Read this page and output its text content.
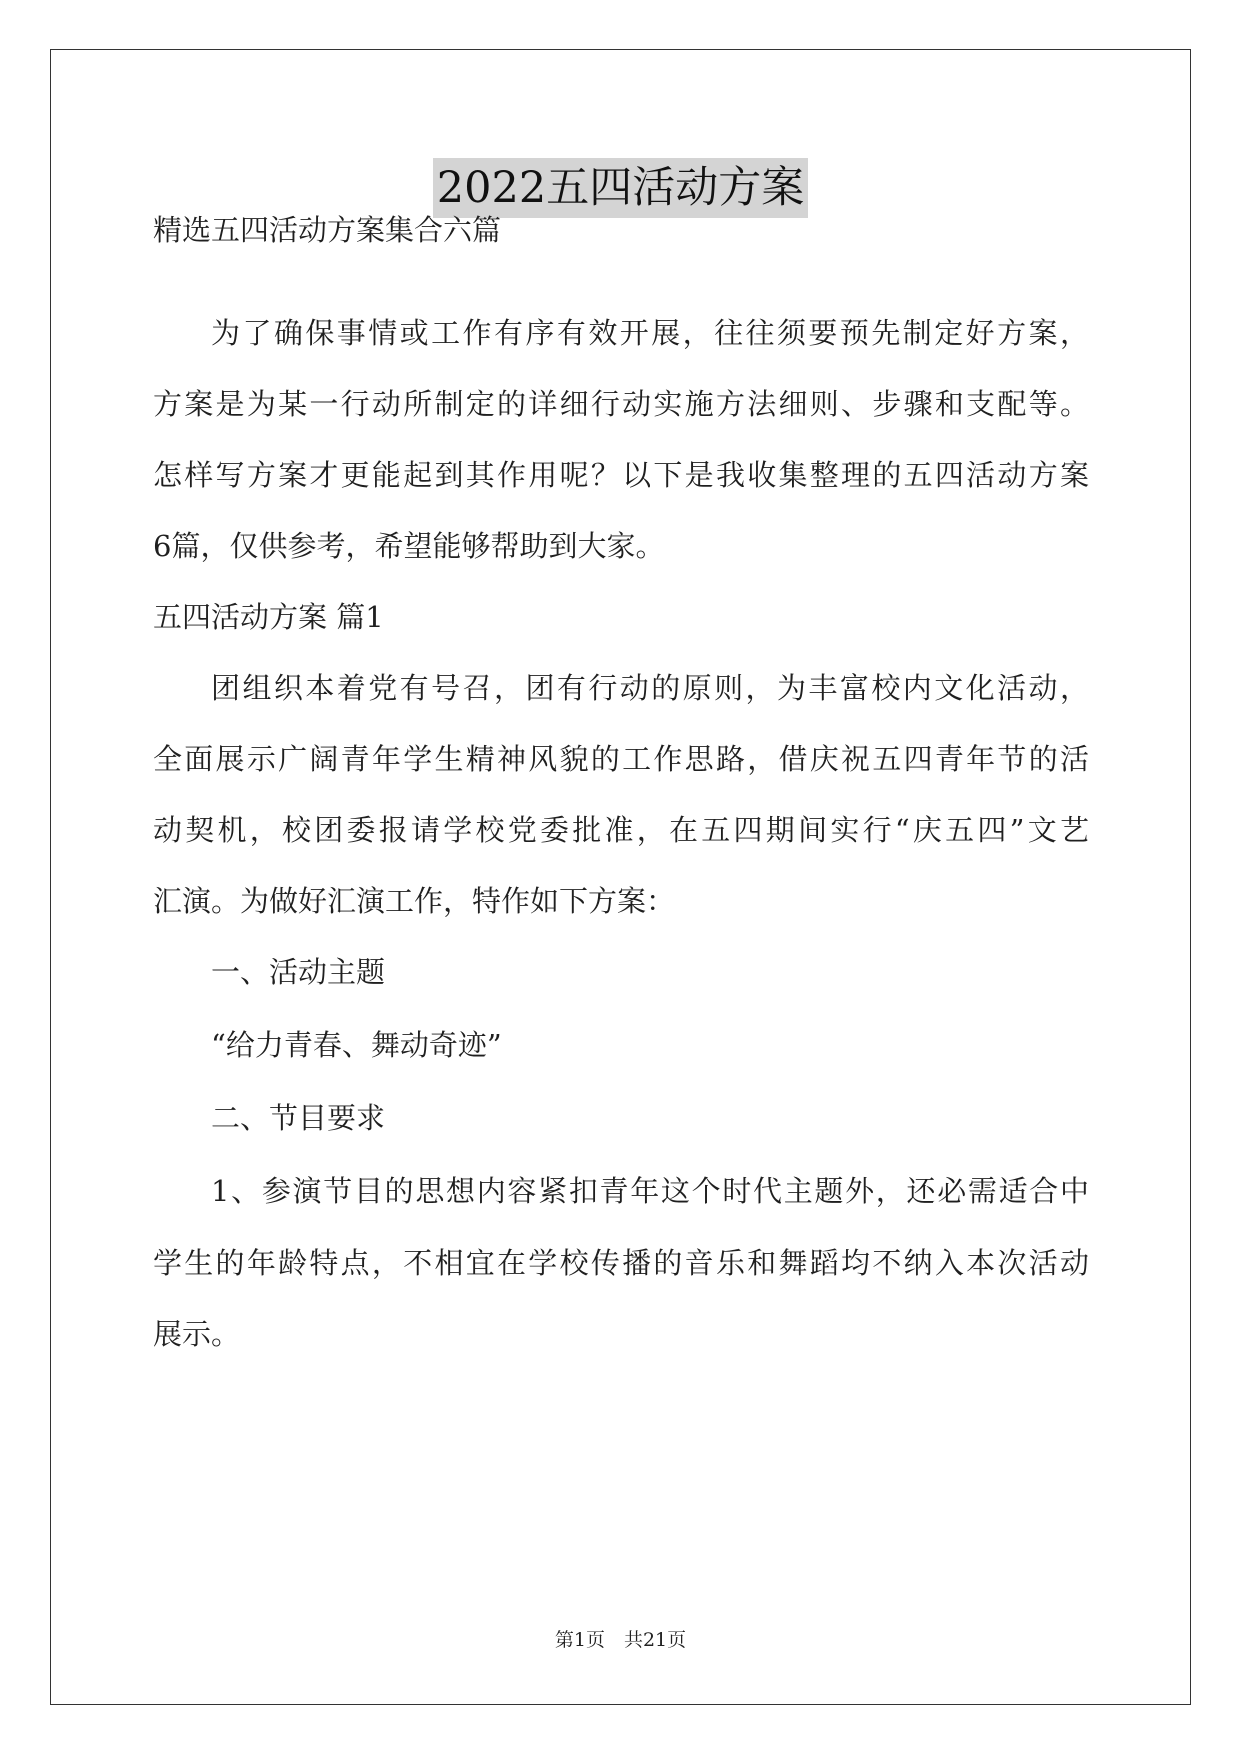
2022五四活动方案
精选五四活动方案集合六篇
为了确保事情或工作有序有效开展，往往须要预先制定好方案，
方案是为某一行动所制定的详细行动实施方法细则、步骤和支配等。
怎样写方案才更能起到其作用呢？以下是我收集整理的五四活动方案
6篇，仅供参考，希望能够帮助到大家。
五四活动方案 篇1
团组织本着党有号召，团有行动的原则，为丰富校内文化活动，
全面展示广阔青年学生精神风貌的工作思路，借庆祝五四青年节的活
动契机，校团委报请学校党委批准，在五四期间实行“庆五四”文艺
汇演。为做好汇演工作，特作如下方案：
一、活动主题
“给力青春、舞动奇迹”
二、节目要求
1、参演节目的思想内容紧扣青年这个时代主题外，还必需适合中
学生的年龄特点，不相宜在学校传播的音乐和舞蹈均不纳入本次活动
展示。
第1页　共21页
